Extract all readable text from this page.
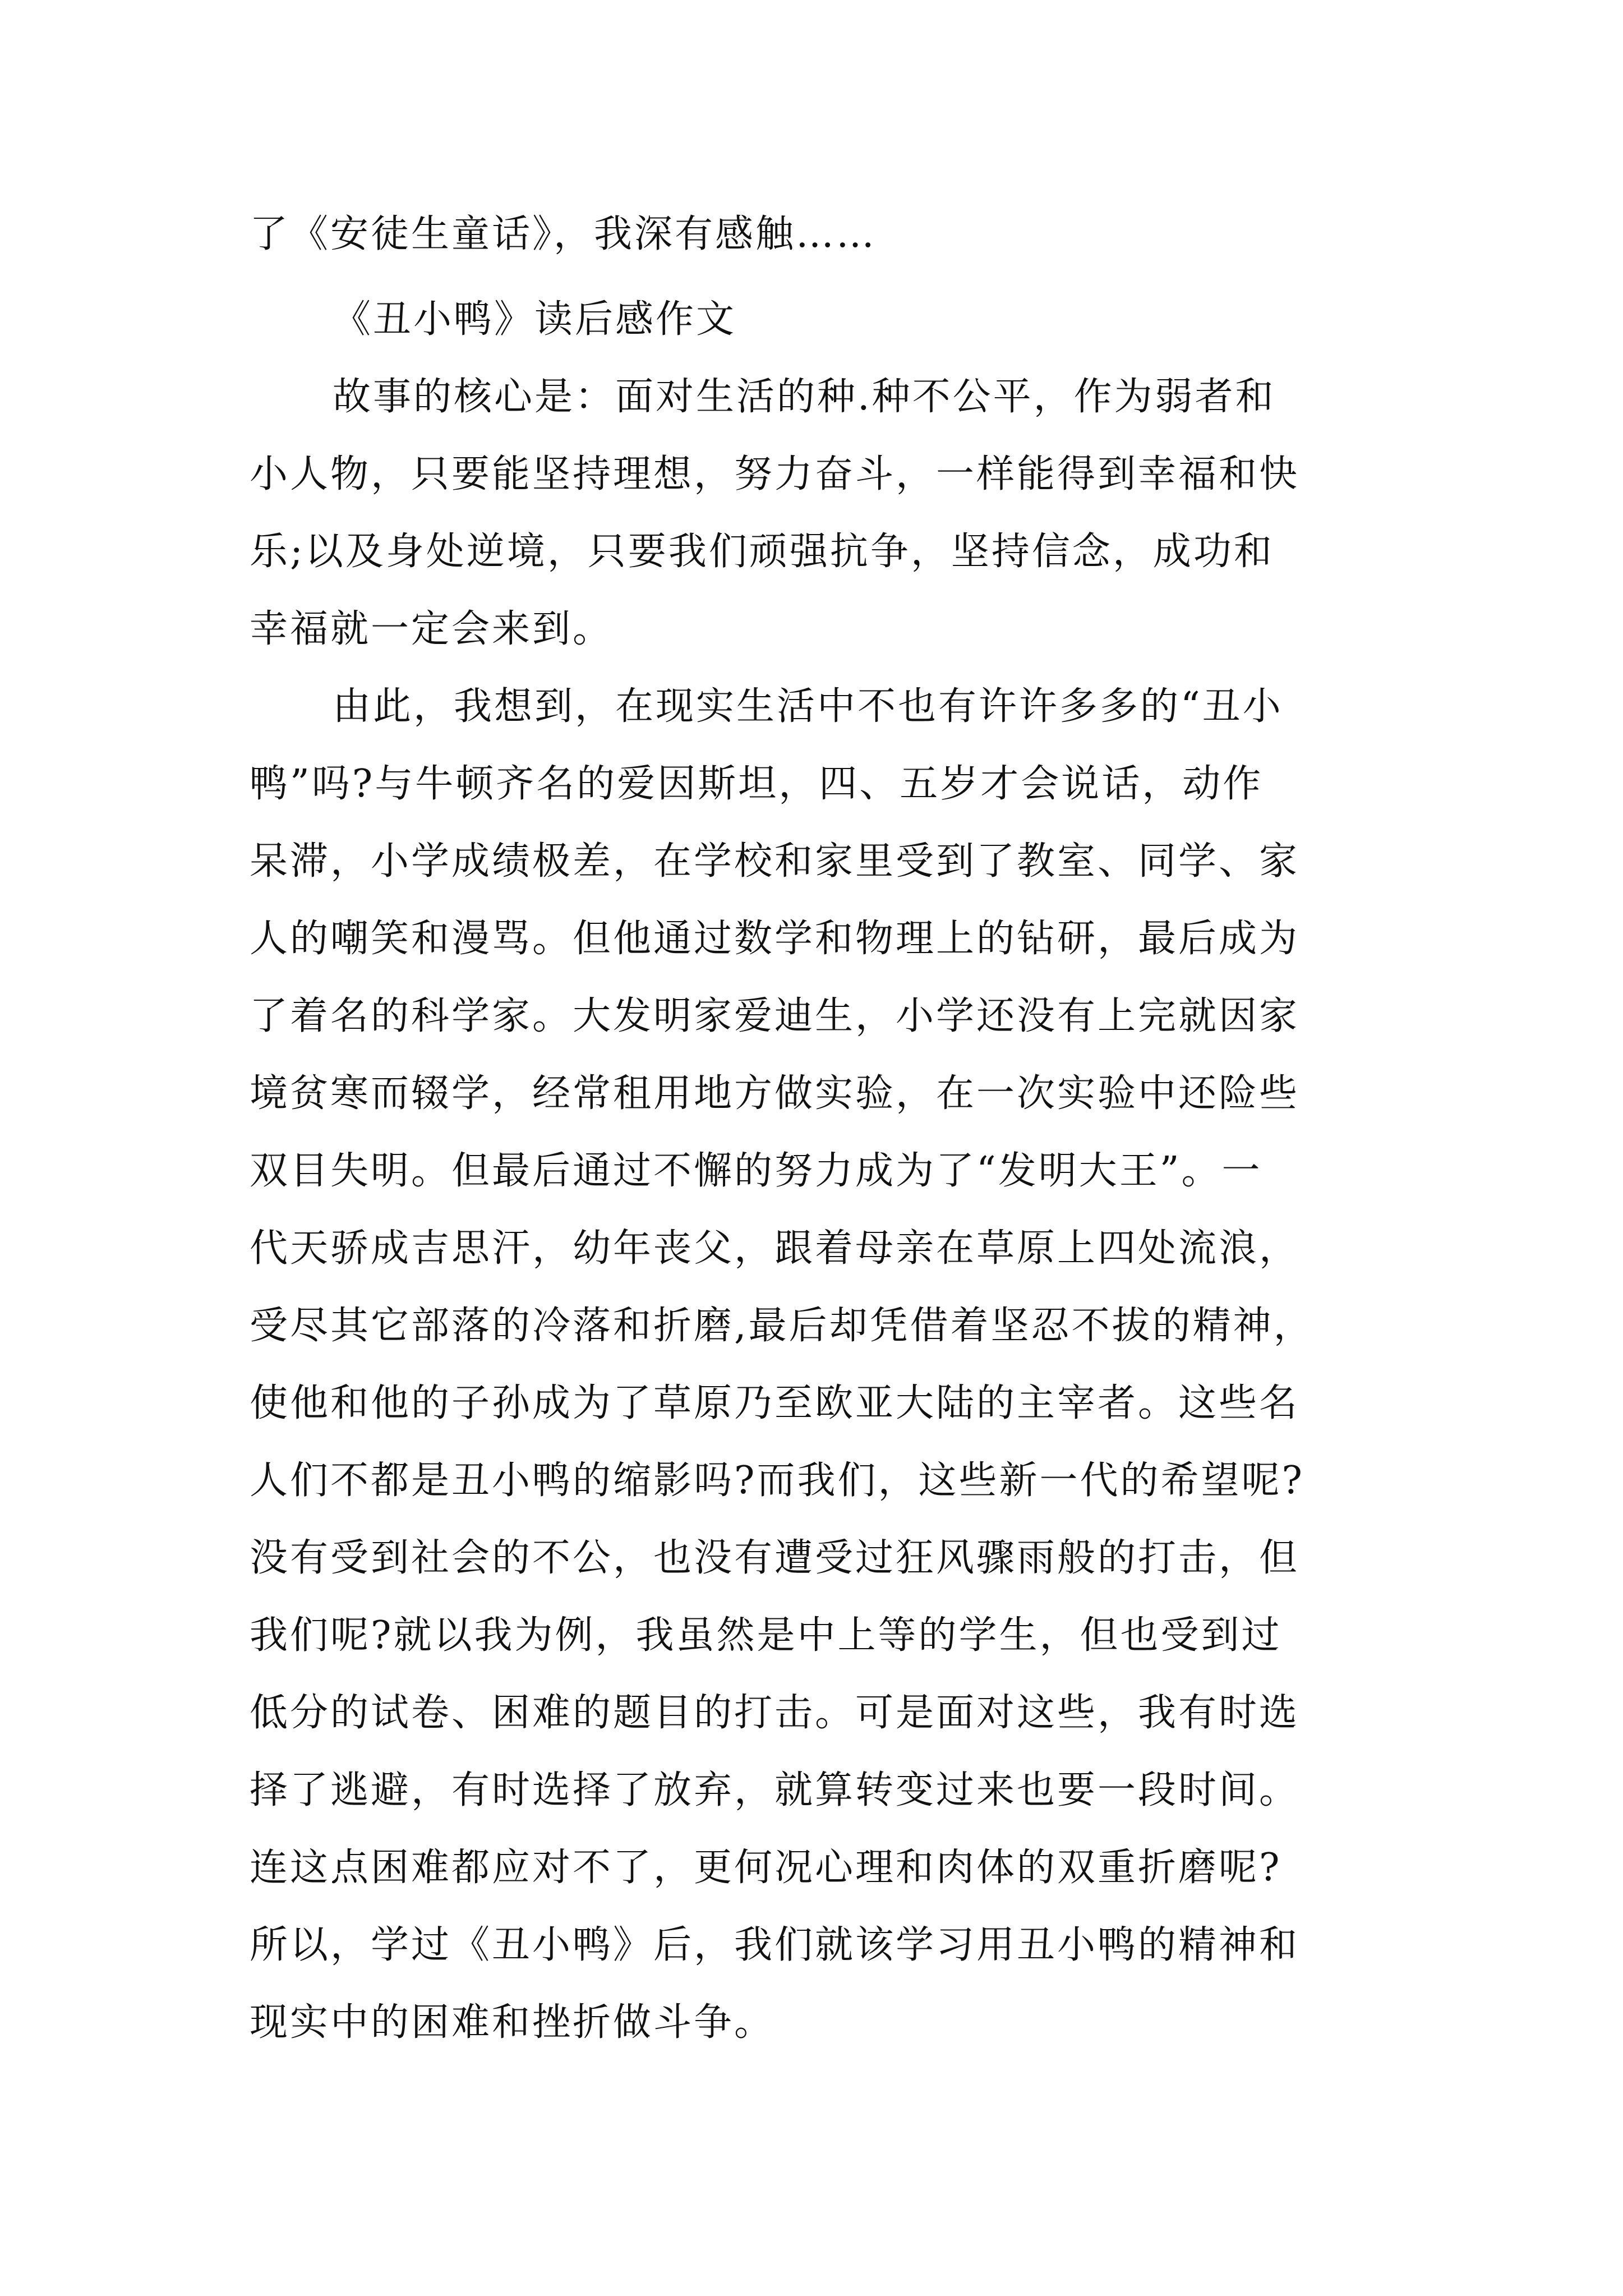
了《安徒生童话》，我深有感触……
《丑小鸭》读后感作文
故事的核心是：面对生活的种.种不公平，作为弱者和
小人物，只要能坚持理想，努力奋斗，一样能得到幸福和快
乐;以及身处逆境，只要我们顽强抗争，坚持信念，成功和
幸福就一定会来到。
由此，我想到，在现实生活中不也有许许多多的“丑小
鸭”吗?与牛顿齐名的爱因斯坦，四、五岁才会说话，动作
呆滞，小学成绩极差，在学校和家里受到了教室、同学、家
人的嘲笑和漫骂。但他通过数学和物理上的钻研，最后成为
了着名的科学家。大发明家爱迪生，小学还没有上完就因家
境贫寒而辍学，经常租用地方做实验，在一次实验中还险些
双目失明。但最后通过不懈的努力成为了“发明大王”。一
代天骄成吉思汗，幼年丧父，跟着母亲在草原上四处流浪，
受尽其它部落的冷落和折磨,最后却凭借着坚忍不拔的精神，
使他和他的子孙成为了草原乃至欧亚大陆的主宰者。这些名
人们不都是丑小鸭的缩影吗?而我们，这些新一代的希望呢?
没有受到社会的不公，也没有遭受过狂风骤雨般的打击，但
我们呢?就以我为例，我虽然是中上等的学生，但也受到过
低分的试卷、困难的题目的打击。可是面对这些，我有时选
择了逃避，有时选择了放弃，就算转变过来也要一段时间。
连这点困难都应对不了，更何况心理和肉体的双重折磨呢?
所以，学过《丑小鸭》后，我们就该学习用丑小鸭的精神和
现实中的困难和挫折做斗争。
